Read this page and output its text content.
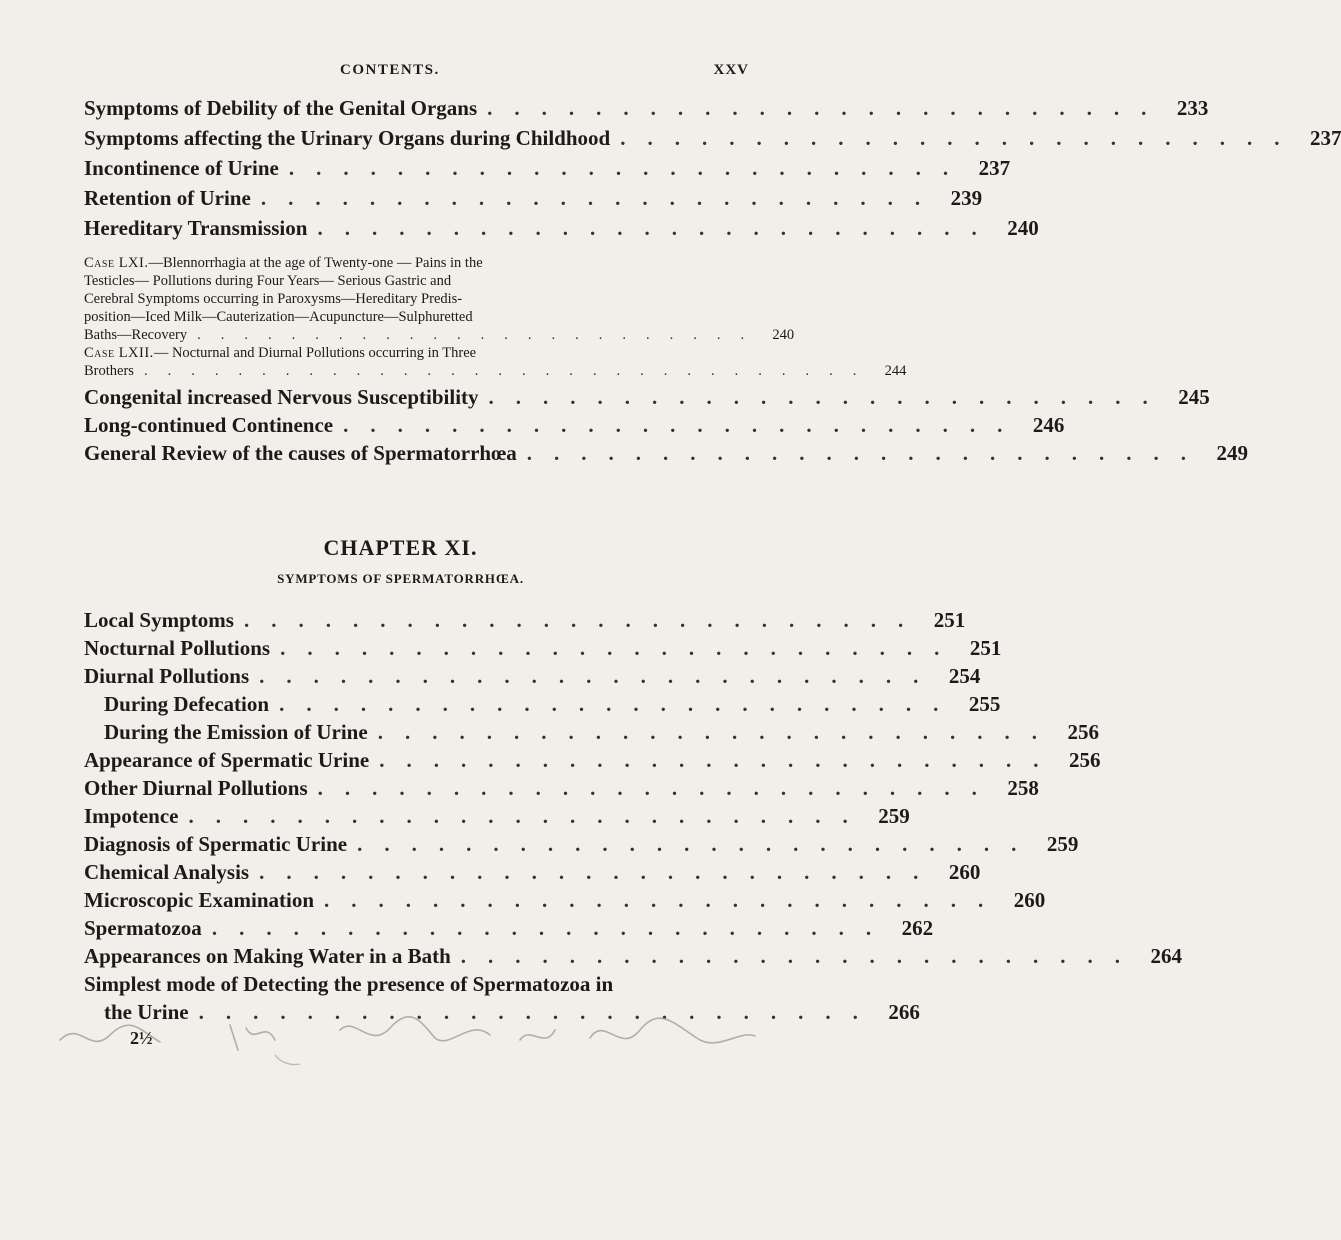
CONTENTS.	XXV
Symptoms of Debility of the Genital Organs ......................... 233
Symptoms affecting the Urinary Organs during Childhood ......................... 237
Incontinence of Urine ......................... 237
Retention of Urine ......................... 239
Hereditary Transmission ......................... 240
Case LXI. —Blennorrhagia at the age of Twenty-one — Pains in the
Testicles— Pollutions during Four Years— Serious Gastric and
Cerebral Symptoms occurring in Paroxysms—Hereditary Predis-
position—Iced Milk—Cauterization—Acupuncture—Sulphuretted
Baths—Recovery ........................ 240
Case LXII. — Nocturnal and Diurnal Pollutions occurring in Three
Brothers ............................... 244
Congenital increased Nervous Susceptibility ......................... 245
Long-continued Continence ......................... 246
General Review of the causes of Spermatorrhœa ......................... 249
CHAPTER XI.
SYMPTOMS OF SPERMATORRHŒA.
Local Symptoms ......................... 251
Nocturnal Pollutions ......................... 251
Diurnal Pollutions ......................... 254
During Defecation ......................... 255
During the Emission of Urine ......................... 256
Appearance of Spermatic Urine ......................... 256
Other Diurnal Pollutions ......................... 258
Impotence ......................... 259
Diagnosis of Spermatic Urine ......................... 259
Chemical Analysis ......................... 260
Microscopic Examination ......................... 260
Spermatozoa ......................... 262
Appearances on Making Water in a Bath ......................... 264
Simplest mode of Detecting the presence of Spermatozoa in
the Urine ......................... 266
2½
